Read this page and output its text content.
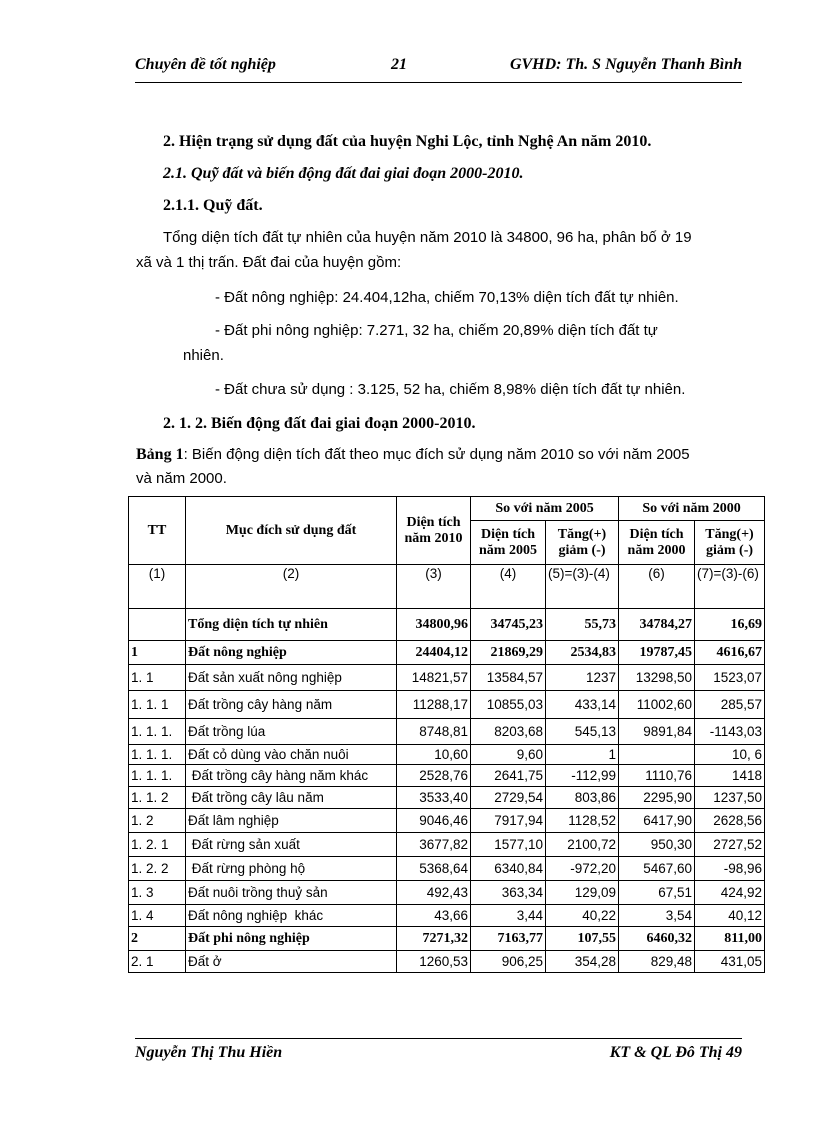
Chuyên đề tốt nghiệp	21	GVHD: Th. S Nguyễn Thanh Bình
2. Hiện trạng sử dụng đất của huyện Nghi Lộc, tỉnh Nghệ An năm 2010.
2.1. Quỹ đất và biến động đất đai giai đoạn 2000-2010.
2.1.1. Quỹ đất.
Tổng diện tích đất tự nhiên của huyện năm 2010 là 34800, 96 ha, phân bố ở 19
xã và 1 thị trấn. Đất đai của huyện gồm:
- Đất nông nghiệp: 24.404,12ha, chiếm 70,13% diện tích đất tự nhiên.
- Đất phi nông nghiệp: 7.271, 32 ha, chiếm 20,89% diện tích đất tự
nhiên.
- Đất chưa sử dụng : 3.125, 52 ha, chiếm 8,98% diện tích đất tự nhiên.
2. 1. 2. Biến động đất đai giai đoạn 2000-2010.
Bảng 1: Biến động diện tích đất theo mục đích sử dụng năm 2010 so với năm 2005
và năm 2000.
TT	Mục đích sử dụng đất	Diện tích năm 2010	So với năm 2005		So với năm 2000	
			Diện tích năm 2005	Tăng(+) giảm (-)	Diện tích năm 2000	Tăng(+) giảm (-)
(1)	(2)	(3)	(4)	(5)=(3)-(4)	(6)	(7)=(3)-(6)
	Tổng diện tích tự nhiên	34800,96	34745,23	55,73	34784,27	16,69
1	Đất nông nghiệp	24404,12	21869,29	2534,83	19787,45	4616,67
1. 1	Đất sản xuất nông nghiệp	14821,57	13584,57	1237	13298,50	1523,07
1. 1. 1	Đất trồng cây hàng năm	11288,17	10855,03	433,14	11002,60	285,57
1. 1. 1.	Đất trồng lúa	8748,81	8203,68	545,13	9891,84	-1143,03
1. 1. 1.	Đất cỏ dùng vào chăn nuôi	10,60	9,60	1		10, 6
1. 1. 1.	Đất trồng cây hàng năm khác	2528,76	2641,75	-112,99	1110,76	1418
1. 1. 2	Đất trồng cây lâu năm	3533,40	2729,54	803,86	2295,90	1237,50
1. 2	Đất lâm nghiệp	9046,46	7917,94	1128,52	6417,90	2628,56
1. 2. 1	Đất rừng sản xuất	3677,82	1577,10	2100,72	950,30	2727,52
1. 2. 2	Đất rừng phòng hộ	5368,64	6340,84	-972,20	5467,60	-98,96
1. 3	Đất nuôi trồng thuỷ sản	492,43	363,34	129,09	67,51	424,92
1. 4	Đất nông nghiệp  khác	43,66	3,44	40,22	3,54	40,12
2	Đất phi nông nghiệp	7271,32	7163,77	107,55	6460,32	811,00
2. 1	Đất ở	1260,53	906,25	354,28	829,48	431,05
Nguyễn Thị Thu Hiền	KT & QL Đô Thị 49
